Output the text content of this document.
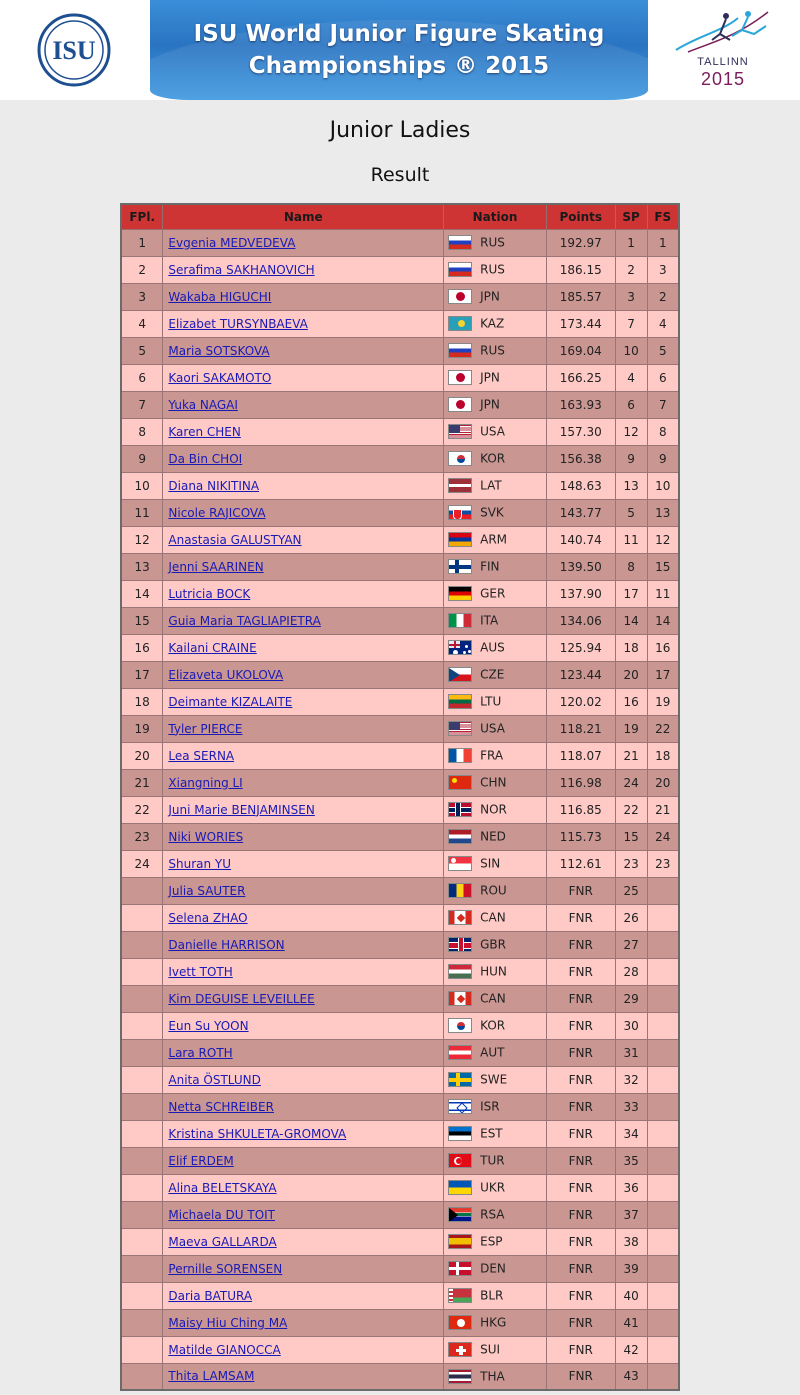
ISU
ISU World Junior Figure Skating
Championships ® 2015	TALLINN
2015
Junior Ladies
Result
FPl.	Name	Nation	Points	SP	FS
1	Evgenia MEDVEDEVA	RUS	192.97	1	1
2	Serafima SAKHANOVICH	RUS	186.15	2	3
3	Wakaba HIGUCHI	JPN	185.57	3	2
4	Elizabet TURSYNBAEVA	KAZ	173.44	7	4
5	Maria SOTSKOVA	RUS	169.04	10	5
6	Kaori SAKAMOTO	JPN	166.25	4	6
7	Yuka NAGAI	JPN	163.93	6	7
8	Karen CHEN	USA	157.30	12	8
9	Da Bin CHOI	KOR	156.38	9	9
10	Diana NIKITINA	LAT	148.63	13	10
11	Nicole RAJICOVA	SVK	143.77	5	13
12	Anastasia GALUSTYAN	ARM	140.74	11	12
13	Jenni SAARINEN	FIN	139.50	8	15
14	Lutricia BOCK	GER	137.90	17	11
15	Guia Maria TAGLIAPIETRA	ITA	134.06	14	14
16	Kailani CRAINE	AUS	125.94	18	16
17	Elizaveta UKOLOVA	CZE	123.44	20	17
18	Deimante KIZALAITE	LTU	120.02	16	19
19	Tyler PIERCE	USA	118.21	19	22
20	Lea SERNA	FRA	118.07	21	18
21	Xiangning LI	CHN	116.98	24	20
22	Juni Marie BENJAMINSEN	NOR	116.85	22	21
23	Niki WORIES	NED	115.73	15	24
24	Shuran YU	SIN	112.61	23	23
	Julia SAUTER	ROU	FNR	25	
	Selena ZHAO	CAN	FNR	26	
	Danielle HARRISON	GBR	FNR	27	
	Ivett TOTH	HUN	FNR	28	
	Kim DEGUISE LEVEILLEE	CAN	FNR	29	
	Eun Su YOON	KOR	FNR	30	
	Lara ROTH	AUT	FNR	31	
	Anita ÖSTLUND	SWE	FNR	32	
	Netta SCHREIBER	ISR	FNR	33	
	Kristina SHKULETA-GROMOVA	EST	FNR	34	
	Elif ERDEM	TUR	FNR	35	
	Alina BELETSKAYA	UKR	FNR	36	
	Michaela DU TOIT	RSA	FNR	37	
	Maeva GALLARDA	ESP	FNR	38	
	Pernille SORENSEN	DEN	FNR	39	
	Daria BATURA	BLR	FNR	40	
	Maisy Hiu Ching MA	HKG	FNR	41	
	Matilde GIANOCCA	SUI	FNR	42	
	Thita LAMSAM	THA	FNR	43	
